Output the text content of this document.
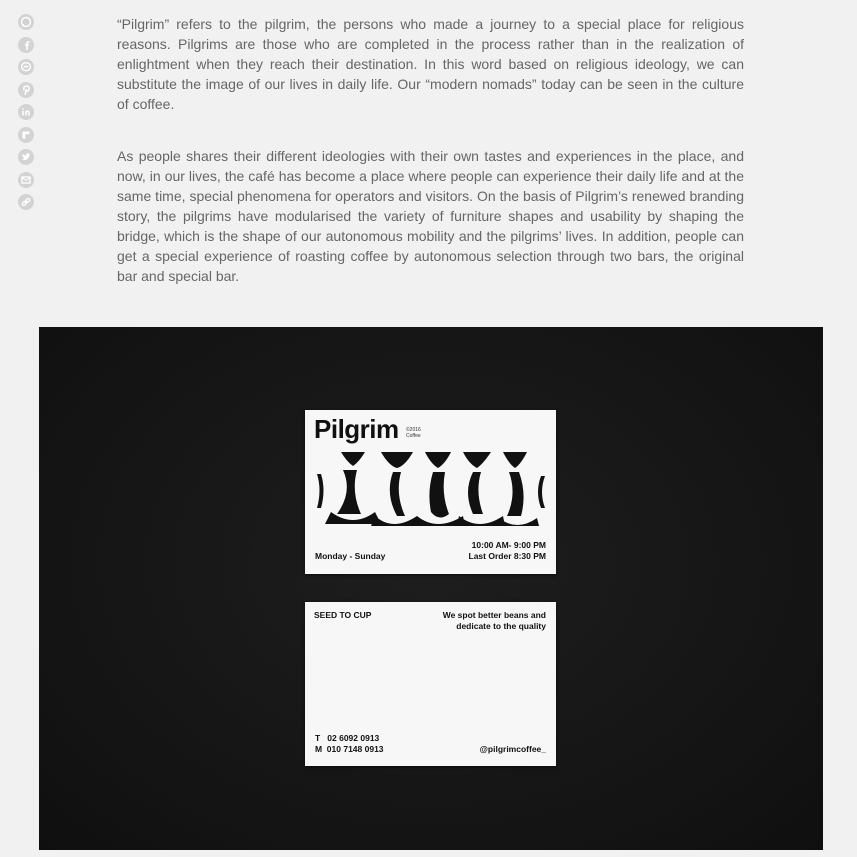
“Pilgrim” refers to the pilgrim, the persons who made a journey to a special place for religious reasons. Pilgrims are those who are completed in the process rather than in the realization of enlightment when they reach their destination. In this word based on religious ideology, we can substitute the image of our lives in daily life. Our “modern nomads” today can be seen in the culture of coffee.

As people shares their different ideologies with their own tastes and experiences in the place, and now, in our lives, the café has become a place where people can experience their daily life and at the same time, special phenomena for operators and visitors. On the basis of Pilgrim’s renewed branding story, the pilgrims have modularised the variety of furniture shapes and usability by shaping the bridge, which is the shape of our autonomous mobility and the pilgrims’ lives. In addition, people can get a special experience of roasting coffee by autonomous selection through two bars, the original bar and special bar.

Pilgrim ©2016
Coffee
Monday - Sunday
10:00 AM- 9:00 PM
Last Order 8:30 PM
SEED TO CUP	We spot better beans and
dedicate to the quality
T   02 6092 0913
M  010 7148 0913	@pilgrimcoffee_
